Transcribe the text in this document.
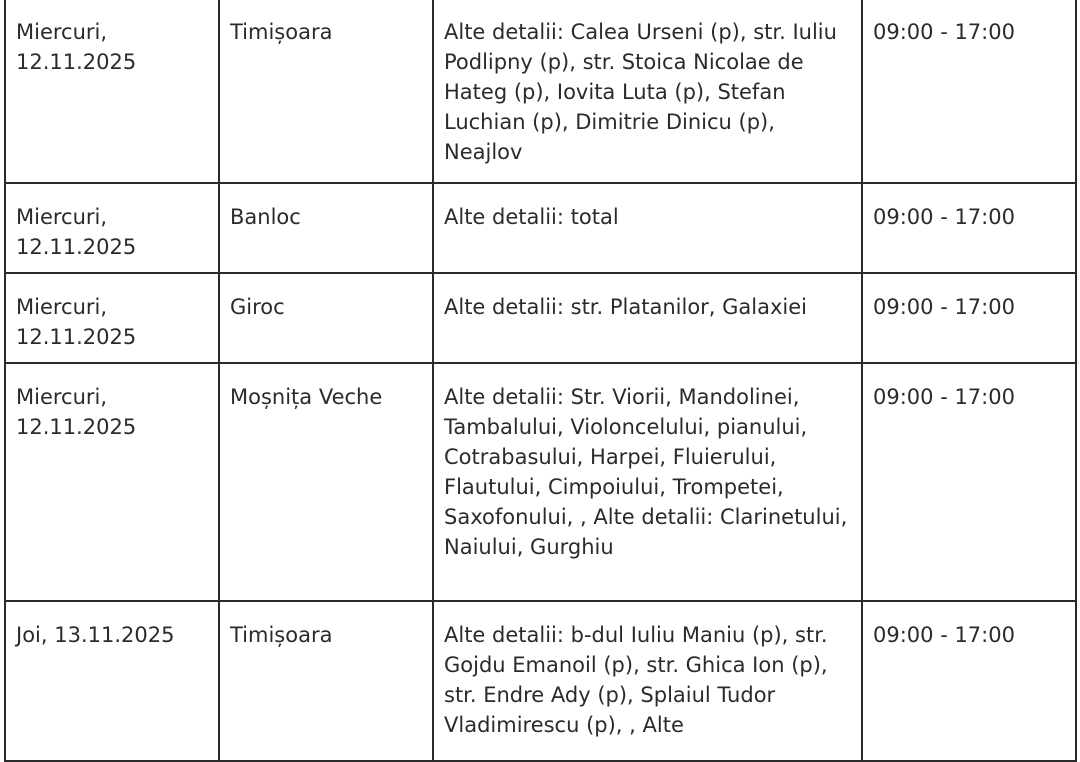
Miercuri, 12.11.2025	Timișoara	Alte detalii: Calea Urseni (p), str. Iuliu Podlipny (p), str. Stoica Nicolae de Hateg (p), Iovita Luta (p), Stefan Luchian (p), Dimitrie Dinicu (p), Neajlov	09:00 - 17:00
Miercuri, 12.11.2025	Banloc	Alte detalii: total	09:00 - 17:00
Miercuri, 12.11.2025	Giroc	Alte detalii: str. Platanilor, Galaxiei	09:00 - 17:00
Miercuri, 12.11.2025	Moșnița Veche	Alte detalii: Str. Viorii, Mandolinei, Tambalului, Violoncelului, pianului, Cotrabasului, Harpei, Fluierului, Flautului, Cimpoiului, Trompetei, Saxofonului, , Alte detalii: Clarinetului, Naiului, Gurghiu	09:00 - 17:00
Joi, 13.11.2025	Timișoara	Alte detalii: b-dul Iuliu Maniu (p), str. Gojdu Emanoil (p), str. Ghica Ion (p), str. Endre Ady (p), Splaiul Tudor Vladimirescu (p), , Alte	09:00 - 17:00
